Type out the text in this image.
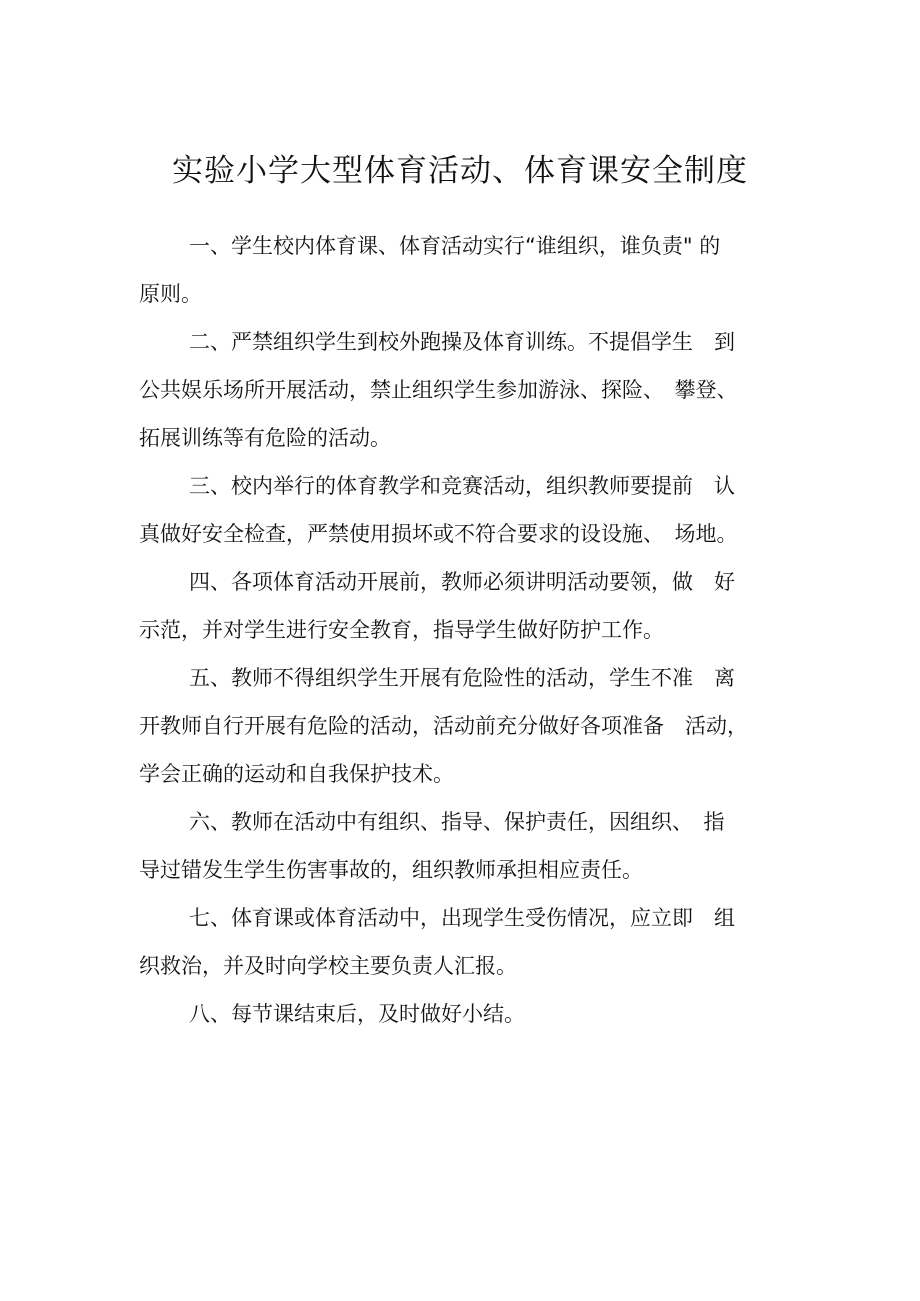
实验小学大型体育活动、体育课安全制度
一、学生校内体育课、体育活动实行“谁组织，谁负责" 的
原则。
二、严禁组织学生到校外跑操及体育训练。不提倡学生　到
公共娱乐场所开展活动，禁止组织学生参加游泳、探险、　攀登、
拓展训练等有危险的活动。
三、校内举行的体育教学和竞赛活动，组织教师要提前　认
真做好安全检查，严禁使用损坏或不符合要求的设设施、　场地。
四、各项体育活动开展前，教师必须讲明活动要领，做　好
示范，并对学生进行安全教育，指导学生做好防护工作。
五、教师不得组织学生开展有危险性的活动，学生不准　离
开教师自行开展有危险的活动，活动前充分做好各项准备　活动，
学会正确的运动和自我保护技术。
六、教师在活动中有组织、指导、保护责任，因组织、　指
导过错发生学生伤害事故的，组织教师承担相应责任。
七、体育课或体育活动中，出现学生受伤情况，应立即　组
织救治，并及时向学校主要负责人汇报。
八、每节课结束后，及时做好小结。
